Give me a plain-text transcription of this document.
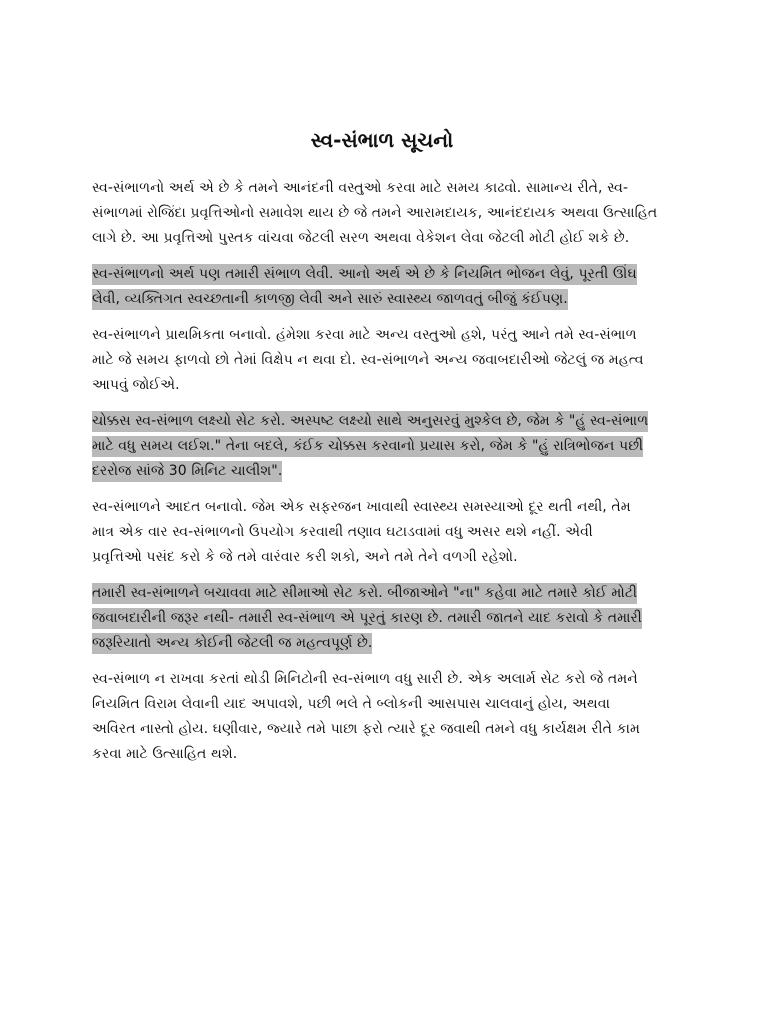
સ્વ-સંભાળ સૂચનો

સ્વ-સંભાળનો અર્થ એ છે કે તમને આનંદની વસ્તુઓ કરવા માટે સમય કાઢવો. સામાન્ય રીતે, સ્વ-
સંભાળમાં રોજિંદા પ્રવૃત્તિઓનો સમાવેશ થાય છે જે તમને આરામદાયક, આનંદદાયક અથવા ઉત્સાહિત
લાગે છે. આ પ્રવૃત્તિઓ પુસ્તક વાંચવા જેટલી સરળ અથવા વેકેશન લેવા જેટલી મોટી હોઈ શકે છે.

સ્વ-સંભાળનો અર્થ પણ તમારી સંભાળ લેવી. આનો અર્થ એ છે કે નિયમિત ભોજન લેવું, પૂરતી ઊંઘ
લેવી, વ્યક્તિગત સ્વચ્છતાની કાળજી લેવી અને સારું સ્વાસ્થ્ય જાળવતું બીજું કંઈપણ.

સ્વ-સંભાળને પ્રાથમિકતા બનાવો. હંમેશા કરવા માટે અન્ય વસ્તુઓ હશે, પરંતુ આને તમે સ્વ-સંભાળ
માટે જે સમય ફાળવો છો તેમાં વિક્ષેપ ન થવા દો. સ્વ-સંભાળને અન્ય જવાબદારીઓ જેટલું જ મહત્વ
આપવું જોઈએ.

ચોક્કસ સ્વ-સંભાળ લક્ષ્યો સેટ કરો. અસ્પષ્ટ લક્ષ્યો સાથે અનુસરવું મુશ્કેલ છે, જેમ કે "હું સ્વ-સંભાળ
માટે વધુ સમય લઈશ." તેના બદલે, કંઈક ચોક્કસ કરવાનો પ્રયાસ કરો, જેમ કે "હું રાત્રિભોજન પછી
દરરોજ સાંજે 30 મિનિટ ચાલીશ".

સ્વ-સંભાળને આદત બનાવો. જેમ એક સફરજન ખાવાથી સ્વાસ્થ્ય સમસ્યાઓ દૂર થતી નથી, તેમ
માત્ર એક વાર સ્વ-સંભાળનો ઉપયોગ કરવાથી તણાવ ઘટાડવામાં વધુ અસર થશે નહીં. એવી
પ્રવૃત્તિઓ પસંદ કરો કે જે તમે વારંવાર કરી શકો, અને તમે તેને વળગી રહેશો.

તમારી સ્વ-સંભાળને બચાવવા માટે સીમાઓ સેટ કરો. બીજાઓને "ના" કહેવા માટે તમારે કોઈ મોટી
જવાબદારીની જરૂર નથી- તમારી સ્વ-સંભાળ એ પૂરતું કારણ છે. તમારી જાતને યાદ કરાવો કે તમારી
જરૂરિયાતો અન્ય કોઈની જેટલી જ મહત્વપૂર્ણ છે.

સ્વ-સંભાળ ન રાખવા કરતાં થોડી મિનિટોની સ્વ-સંભાળ વધુ સારી છે. એક અલાર્મ સેટ કરો જે તમને
નિયમિત વિરામ લેવાની યાદ અપાવશે, પછી ભલે તે બ્લોકની આસપાસ ચાલવાનું હોય, અથવા
અવિરત નાસ્તો હોય. ઘણીવાર, જ્યારે તમે પાછા ફરો ત્યારે દૂર જવાથી તમને વધુ કાર્યક્ષમ રીતે કામ
કરવા માટે ઉત્સાહિત થશે.
